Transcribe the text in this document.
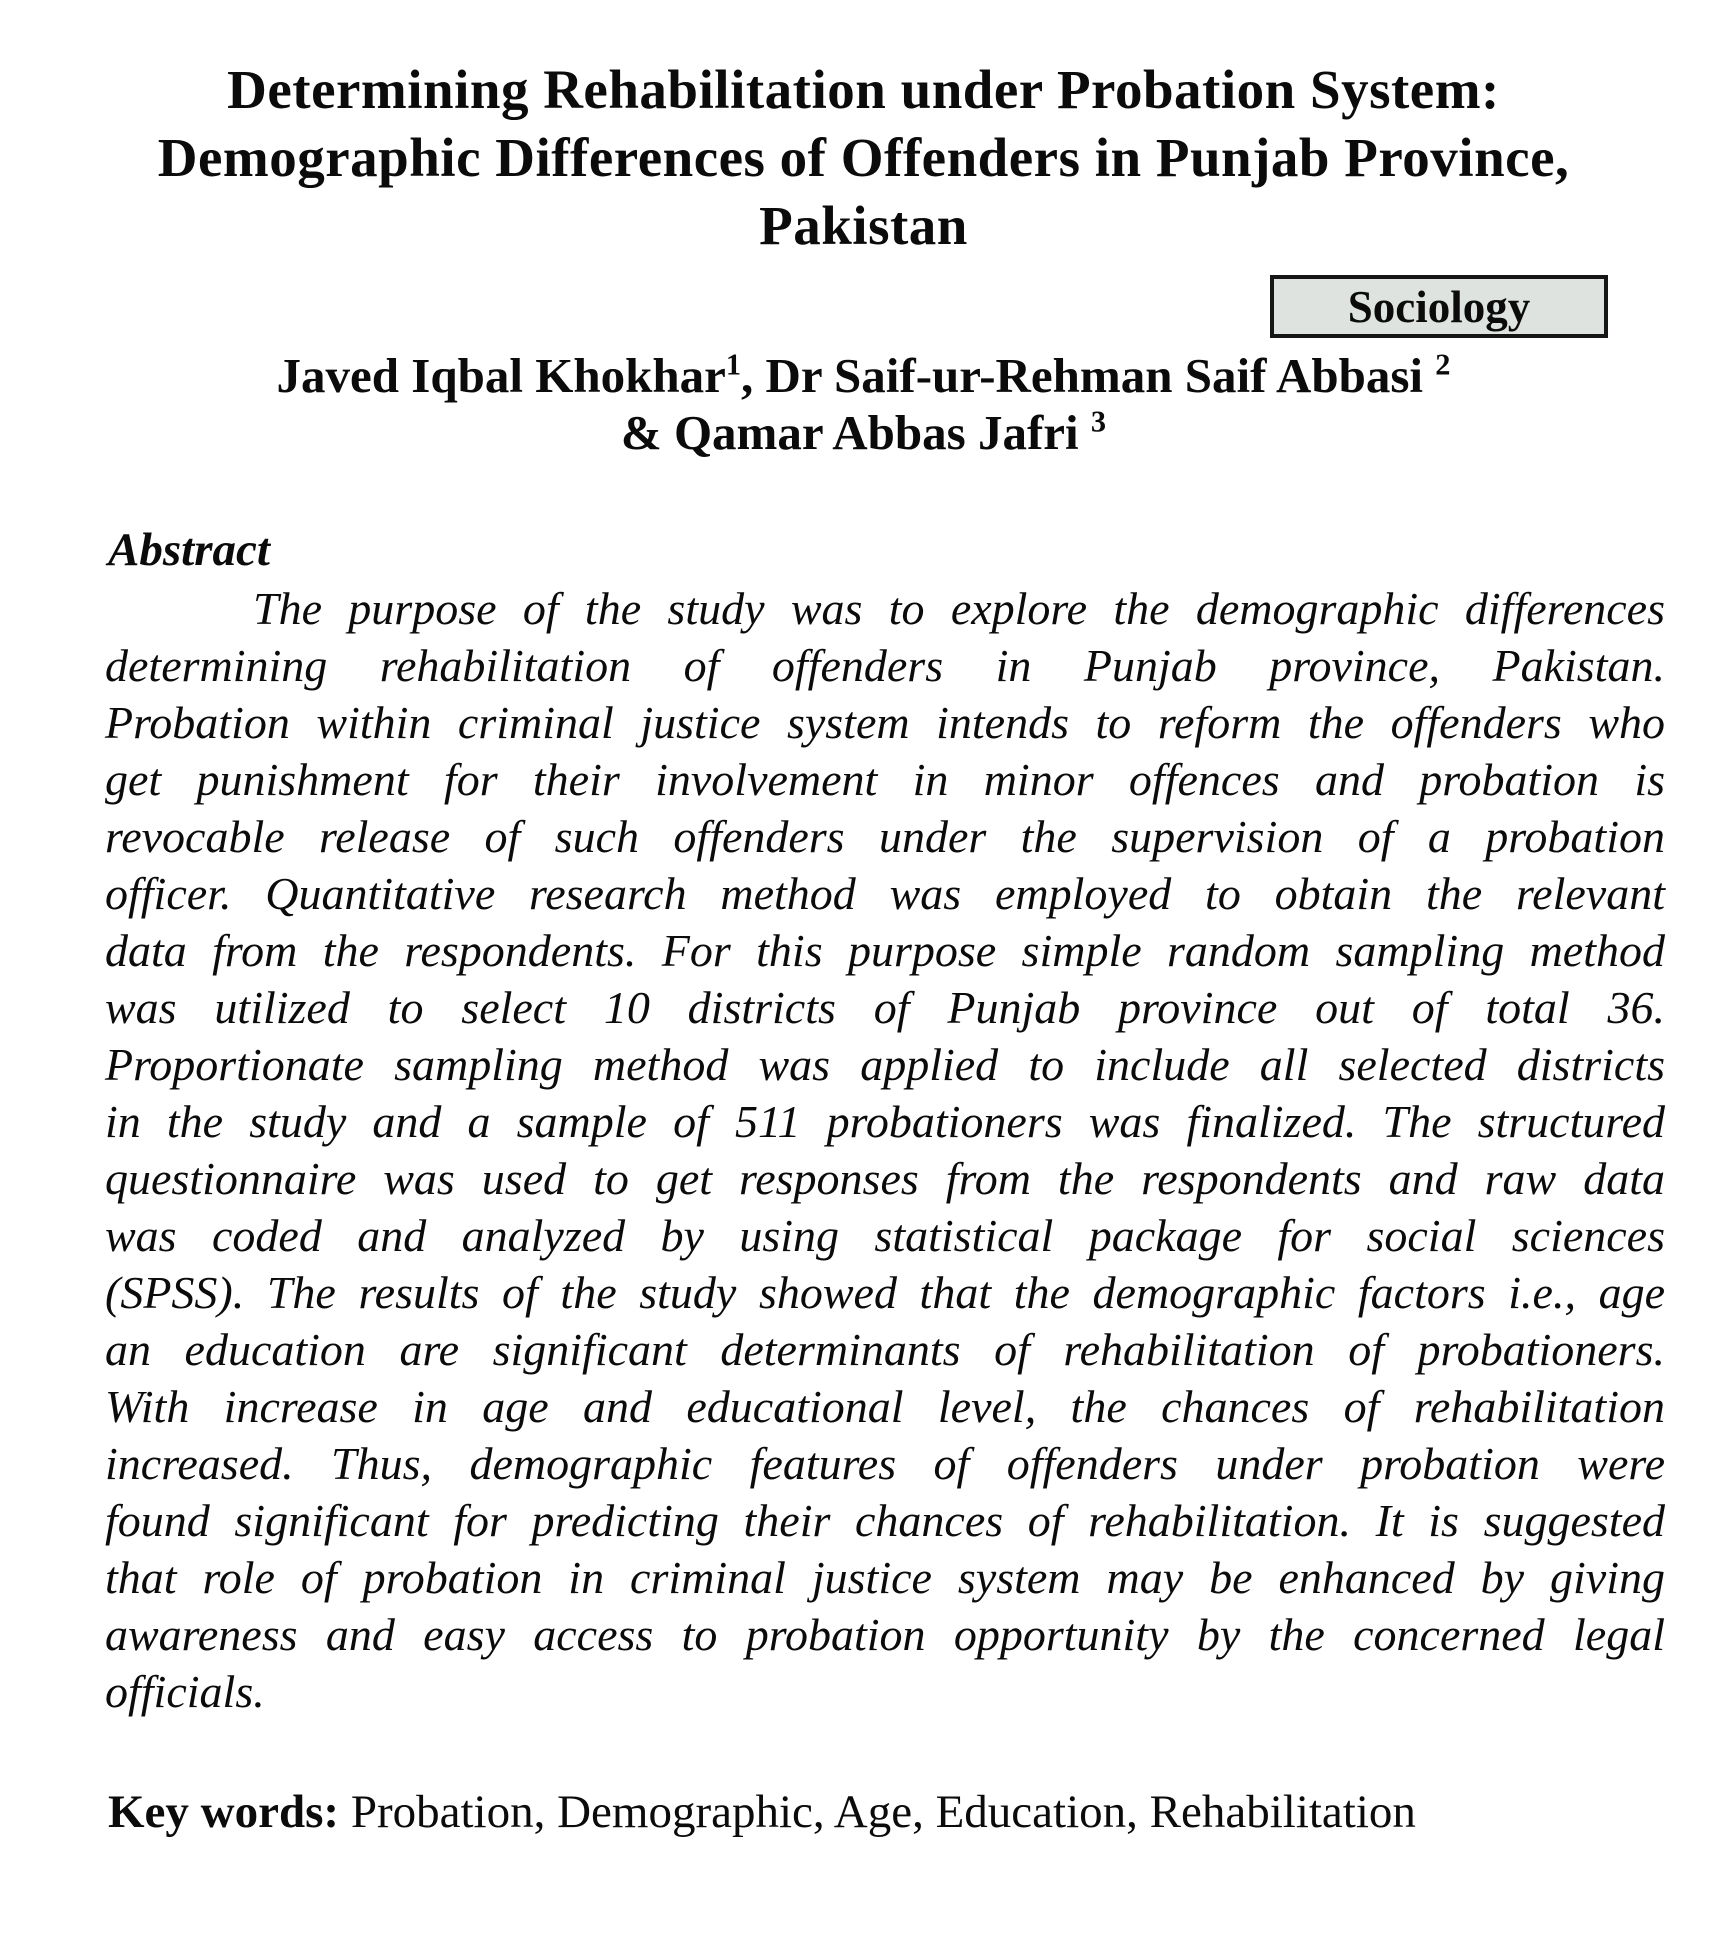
Determining Rehabilitation under Probation System:
Demographic Differences of Offenders in Punjab Province,
Pakistan
Sociology
Javed Iqbal Khokhar$^1$, Dr Saif-ur-Rehman Saif Abbasi $^2$
& Qamar Abbas Jafri $^3$
Abstract
The purpose of the study was to explore the demographic differences
determining rehabilitation of offenders in Punjab province, Pakistan.
Probation within criminal justice system intends to reform the offenders who
get punishment for their involvement in minor offences and probation is
revocable release of such offenders under the supervision of a probation
officer. Quantitative research method was employed to obtain the relevant
data from the respondents. For this purpose simple random sampling method
was utilized to select 10 districts of Punjab province out of total 36.
Proportionate sampling method was applied to include all selected districts
in the study and a sample of 511 probationers was finalized. The structured
questionnaire was used to get responses from the respondents and raw data
was coded and analyzed by using statistical package for social sciences
(SPSS). The results of the study showed that the demographic factors i.e., age
an education are significant determinants of rehabilitation of probationers.
With increase in age and educational level, the chances of rehabilitation
increased. Thus, demographic features of offenders under probation were
found significant for predicting their chances of rehabilitation. It is suggested
that role of probation in criminal justice system may be enhanced by giving
awareness and easy access to probation opportunity by the concerned legal
officials.
Key words: Probation, Demographic, Age, Education, Rehabilitation
